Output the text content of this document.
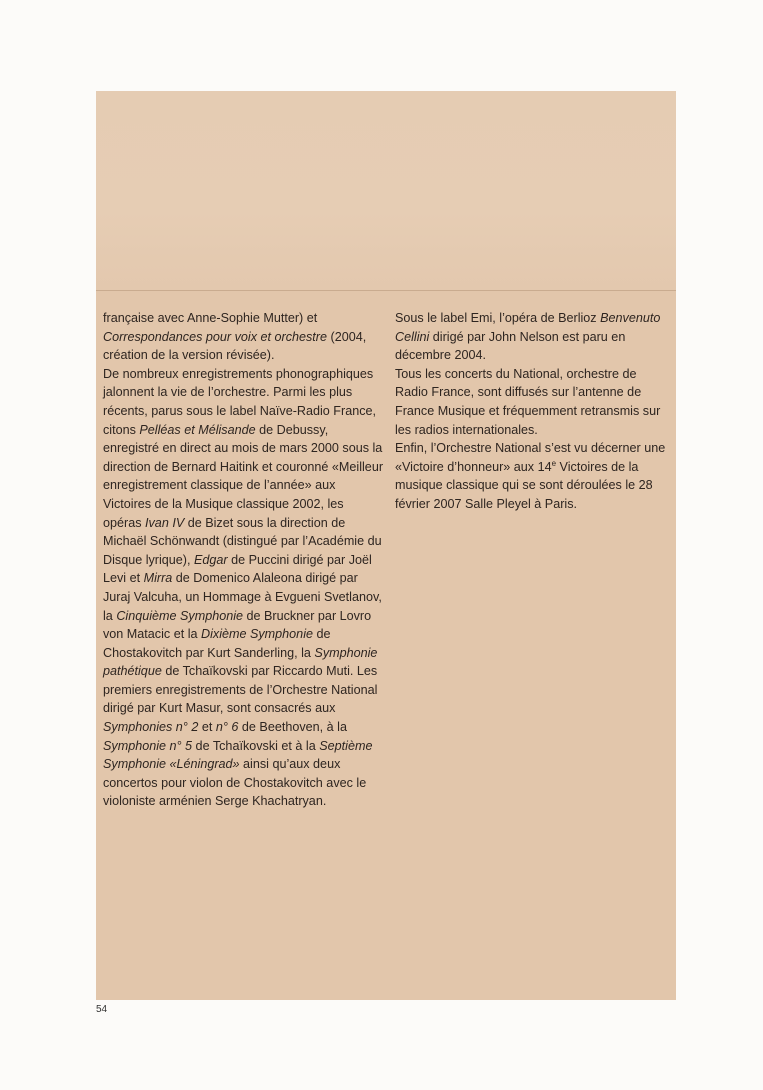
française avec Anne-Sophie Mutter) et Correspondances pour voix et orchestre (2004, création de la version révisée).

De nombreux enregistrements phonographiques jalonnent la vie de l’orchestre. Parmi les plus récents, parus sous le label Naïve-Radio France, citons Pelléas et Mélisande de Debussy, enregistré en direct au mois de mars 2000 sous la direction de Bernard Haitink et couronné «Meilleur enregistrement classique de l’année» aux Victoires de la Musique classique 2002, les opéras Ivan IV de Bizet sous la direction de Michaël Schönwandt (distingué par l’Académie du Disque lyrique), Edgar de Puccini dirigé par Joël Levi et Mirra de Domenico Alaleona dirigé par Juraj Valcuha, un Hommage à Evgueni Svetlanov, la Cinquième Symphonie de Bruckner par Lovro von Matacic et la Dixième Symphonie de Chostakovitch par Kurt Sanderling, la Symphonie pathétique de Tchaïkovski par Riccardo Muti. Les premiers enregistrements de l’Orchestre National dirigé par Kurt Masur, sont consacrés aux Symphonies n° 2 et n° 6 de Beethoven, à la Symphonie n° 5 de Tchaïkovski et à la Septième Symphonie «Léningrad» ainsi qu’aux deux concertos pour violon de Chostakovitch avec le violoniste arménien Serge Khachatryan.

Sous le label Emi, l’opéra de Berlioz Benvenuto Cellini dirigé par John Nelson est paru en décembre 2004.

Tous les concerts du National, orchestre de Radio France, sont diffusés sur l’antenne de France Musique et fréquemment retransmis sur les radios internationales.

Enfin, l’Orchestre National s’est vu décerner une «Victoire d’honneur» aux 14e Victoires de la musique classique qui se sont déroulées le 28 février 2007 Salle Pleyel à Paris.

54
